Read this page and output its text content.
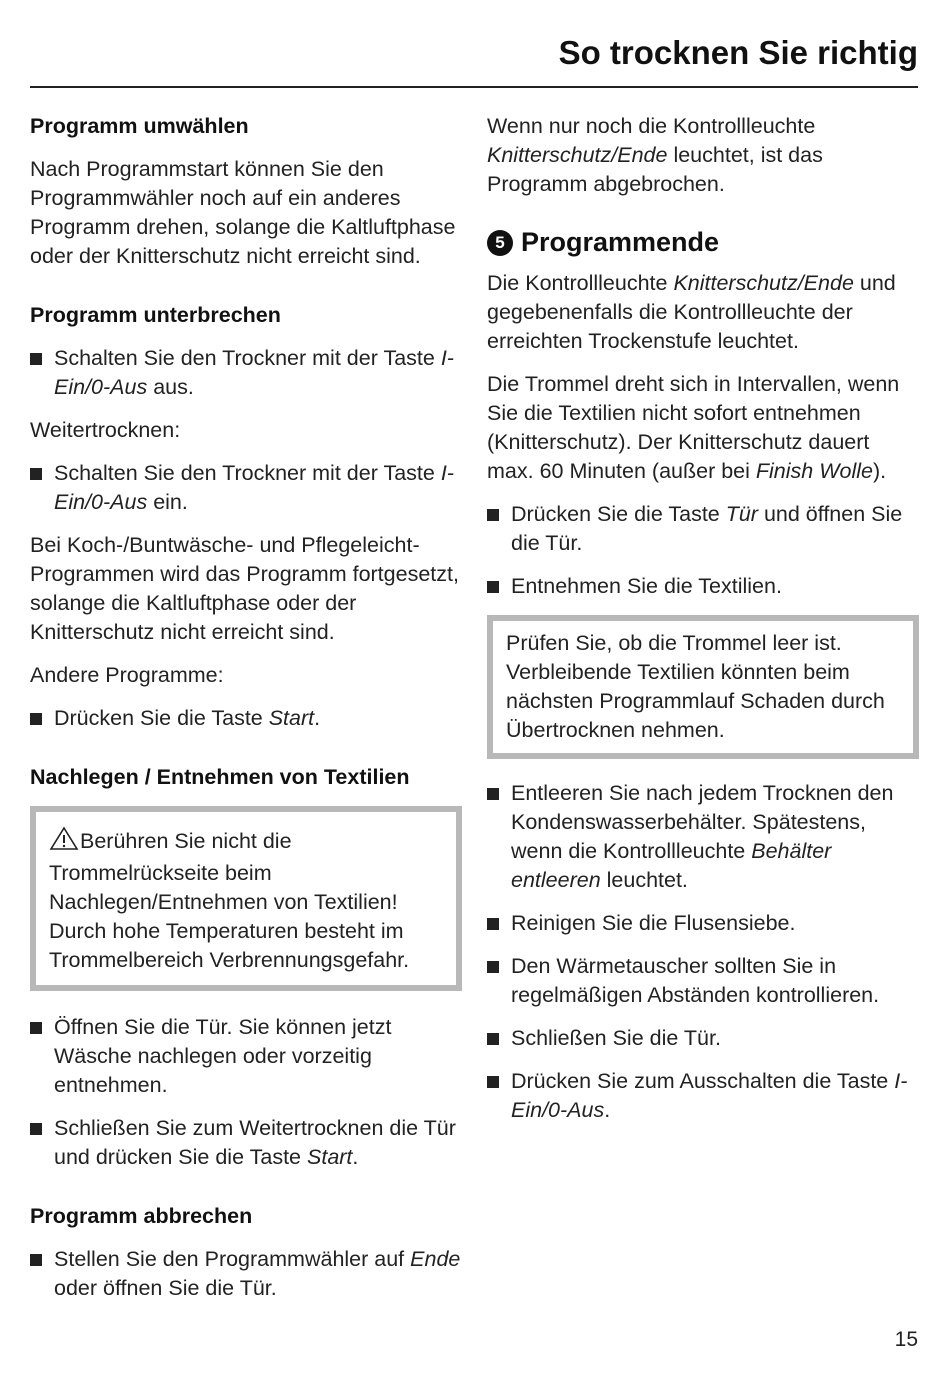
So trocknen Sie richtig

Programm umwählen

Nach Programmstart können Sie den Programmwähler noch auf ein anderes Programm drehen, solange die Kaltluftphase oder der Knitterschutz nicht erreicht sind.

Programm unterbrechen

Schalten Sie den Trockner mit der Taste I-Ein/0-Aus aus.

Weitertrocknen:

Schalten Sie den Trockner mit der Taste I-Ein/0-Aus ein.

Bei Koch-/Buntwäsche- und Pflegeleicht-Programmen wird das Programm fortgesetzt, solange die Kaltluftphase oder der Knitterschutz nicht erreicht sind.

Andere Programme:

Drücken Sie die Taste Start.

Nachlegen / Entnehmen von Textilien

Berühren Sie nicht die Trommelrückseite beim Nachlegen/Entnehmen von Textilien! Durch hohe Temperaturen besteht im Trommelbereich Verbrennungsgefahr.
Öffnen Sie die Tür. Sie können jetzt Wäsche nachlegen oder vorzeitig entnehmen.
Schließen Sie zum Weitertrocknen die Tür und drücken Sie die Taste Start.

Programm abbrechen

Stellen Sie den Programmwähler auf Ende oder öffnen Sie die Tür.

Wenn nur noch die Kontrollleuchte Knitterschutz/Ende leuchtet, ist das Programm abgebrochen.

5 Programmende

Die Kontrollleuchte Knitterschutz/Ende und gegebenenfalls die Kontrollleuchte der erreichten Trockenstufe leuchtet.

Die Trommel dreht sich in Intervallen, wenn Sie die Textilien nicht sofort entnehmen (Knitterschutz). Der Knitterschutz dauert max. 60 Minuten (außer bei Finish Wolle).

Drücken Sie die Taste Tür und öffnen Sie die Tür.
Entnehmen Sie die Textilien.
Prüfen Sie, ob die Trommel leer ist. Verbleibende Textilien könnten beim nächsten Programmlauf Schaden durch Übertrocknen nehmen.
Entleeren Sie nach jedem Trocknen den Kondenswasserbehälter. Spätestens, wenn die Kontrollleuchte Behälter entleeren leuchtet.
Reinigen Sie die Flusensiebe.
Den Wärmetauscher sollten Sie in regelmäßigen Abständen kontrollieren.
Schließen Sie die Tür.
Drücken Sie zum Ausschalten die Taste I-Ein/0-Aus.
15
